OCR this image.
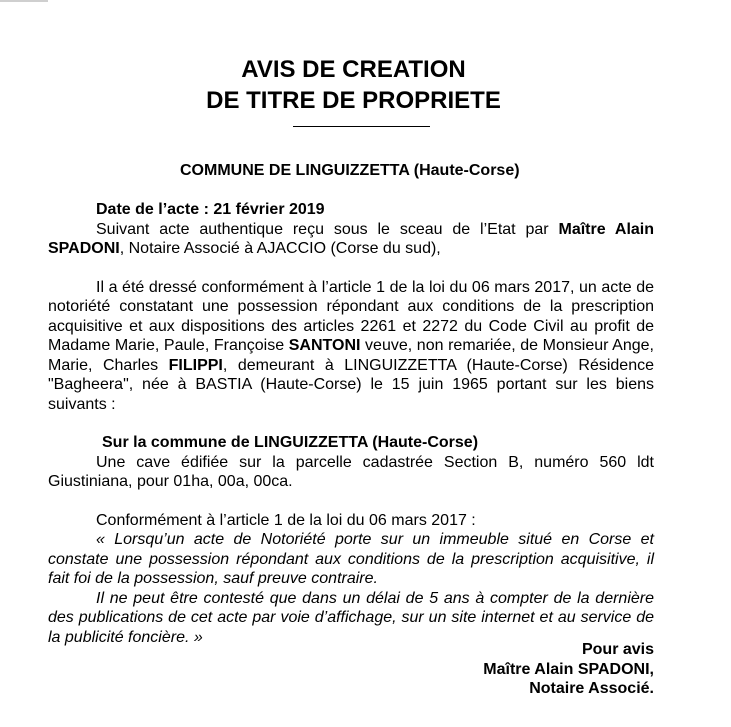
AVIS DE CREATION
DE TITRE DE PROPRIETE
COMMUNE DE LINGUIZZETTA (Haute-Corse)

Date de l’acte : 21 février 2019

Suivant acte authentique reçu sous le sceau de l’Etat par Maître Alain SPADONI, Notaire Associé à AJACCIO (Corse du sud),

Il a été dressé conformément à l’article 1 de la loi du 06 mars 2017, un acte de notoriété constatant une possession répondant aux conditions de la prescription acquisitive et aux dispositions des articles 2261 et 2272 du Code Civil au profit de Madame Marie, Paule, Françoise SANTONI veuve, non remariée, de Monsieur Ange, Marie, Charles FILIPPI, demeurant à LINGUIZZETTA (Haute-Corse) Résidence "Bagheera", née à BASTIA (Haute-Corse) le 15 juin 1965 portant sur les biens suivants :

Sur la commune de LINGUIZZETTA (Haute-Corse)

Une cave édifiée sur la parcelle cadastrée Section B, numéro 560 ldt Giustiniana, pour 01ha, 00a, 00ca.

Conformément à l’article 1 de la loi du 06 mars 2017 :

« Lorsqu’un acte de Notoriété porte sur un immeuble situé en Corse et constate une possession répondant aux conditions de la prescription acquisitive, il fait foi de la possession, sauf preuve contraire.

Il ne peut être contesté que dans un délai de 5 ans à compter de la dernière des publications de cet acte par voie d’affichage, sur un site internet et au service de la publicité foncière. »

Pour avis
Maître Alain SPADONI,
Notaire Associé.
